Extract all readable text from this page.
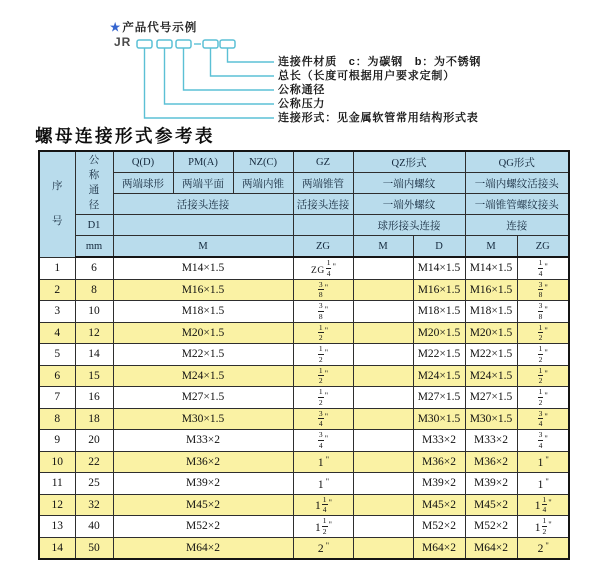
★产品代号示例
JR
连接件材质　c：为碳钢　b：为不锈钢
总长（长度可根据用户要求定制）
公称通径
公称压力
连接形式：见金属软管常用结构形式表
螺母连接形式参考表
序号	公称通径	Q(D)	PM(A)	NZ(C)	GZ	QZ形式		QG形式	
		两端球形	两端平面	两端内锥	两端锥管	一端内螺纹		一端内螺纹活接头	
		活接头连接			活接头连接	一端外螺纹		一端锥管螺纹接头	
	D1					球形接头连接		连接	
	mm	M			ZG	M	D	M	ZG
1	6	M14×1.5			ZG $\frac{1}{4} ^"$		M14×1.5	M14×1.5	$\frac{1}{4} ^"$
2	8	M16×1.5			$\frac{3}{8} ^"$		M16×1.5	M16×1.5	$\frac{3}{8} ^"$
3	10	M18×1.5			$\frac{3}{8} ^"$		M18×1.5	M18×1.5	$\frac{3}{8} ^"$
4	12	M20×1.5			$\frac{1}{2} ^"$		M20×1.5	M20×1.5	$\frac{1}{2} ^"$
5	14	M22×1.5			$\frac{1}{2} ^"$		M22×1.5	M22×1.5	$\frac{1}{2} ^"$
6	15	M24×1.5			$\frac{1}{2} ^"$		M24×1.5	M24×1.5	$\frac{1}{2} ^"$
7	16	M27×1.5			$\frac{1}{2} ^"$		M27×1.5	M27×1.5	$\frac{1}{2} ^"$
8	18	M30×1.5			$\frac{3}{4} ^"$		M30×1.5	M30×1.5	$\frac{3}{4} ^"$
9	20	M33×2			$\frac{3}{4} ^"$		M33×2	M33×2	$\frac{3}{4} ^"$
10	22	M36×2			1 "		M36×2	M36×2	1 "
11	25	M39×2			1 "		M39×2	M39×2	1 "
12	32	M45×2			$1 \frac{1}{4} ^"$		M45×2	M45×2	$1 \frac{1}{4} ^"$
13	40	M52×2			$1 \frac{1}{2} ^"$		M52×2	M52×2	$1 \frac{1}{2} ^"$
14	50	M64×2			2 "		M64×2	M64×2	2 "
